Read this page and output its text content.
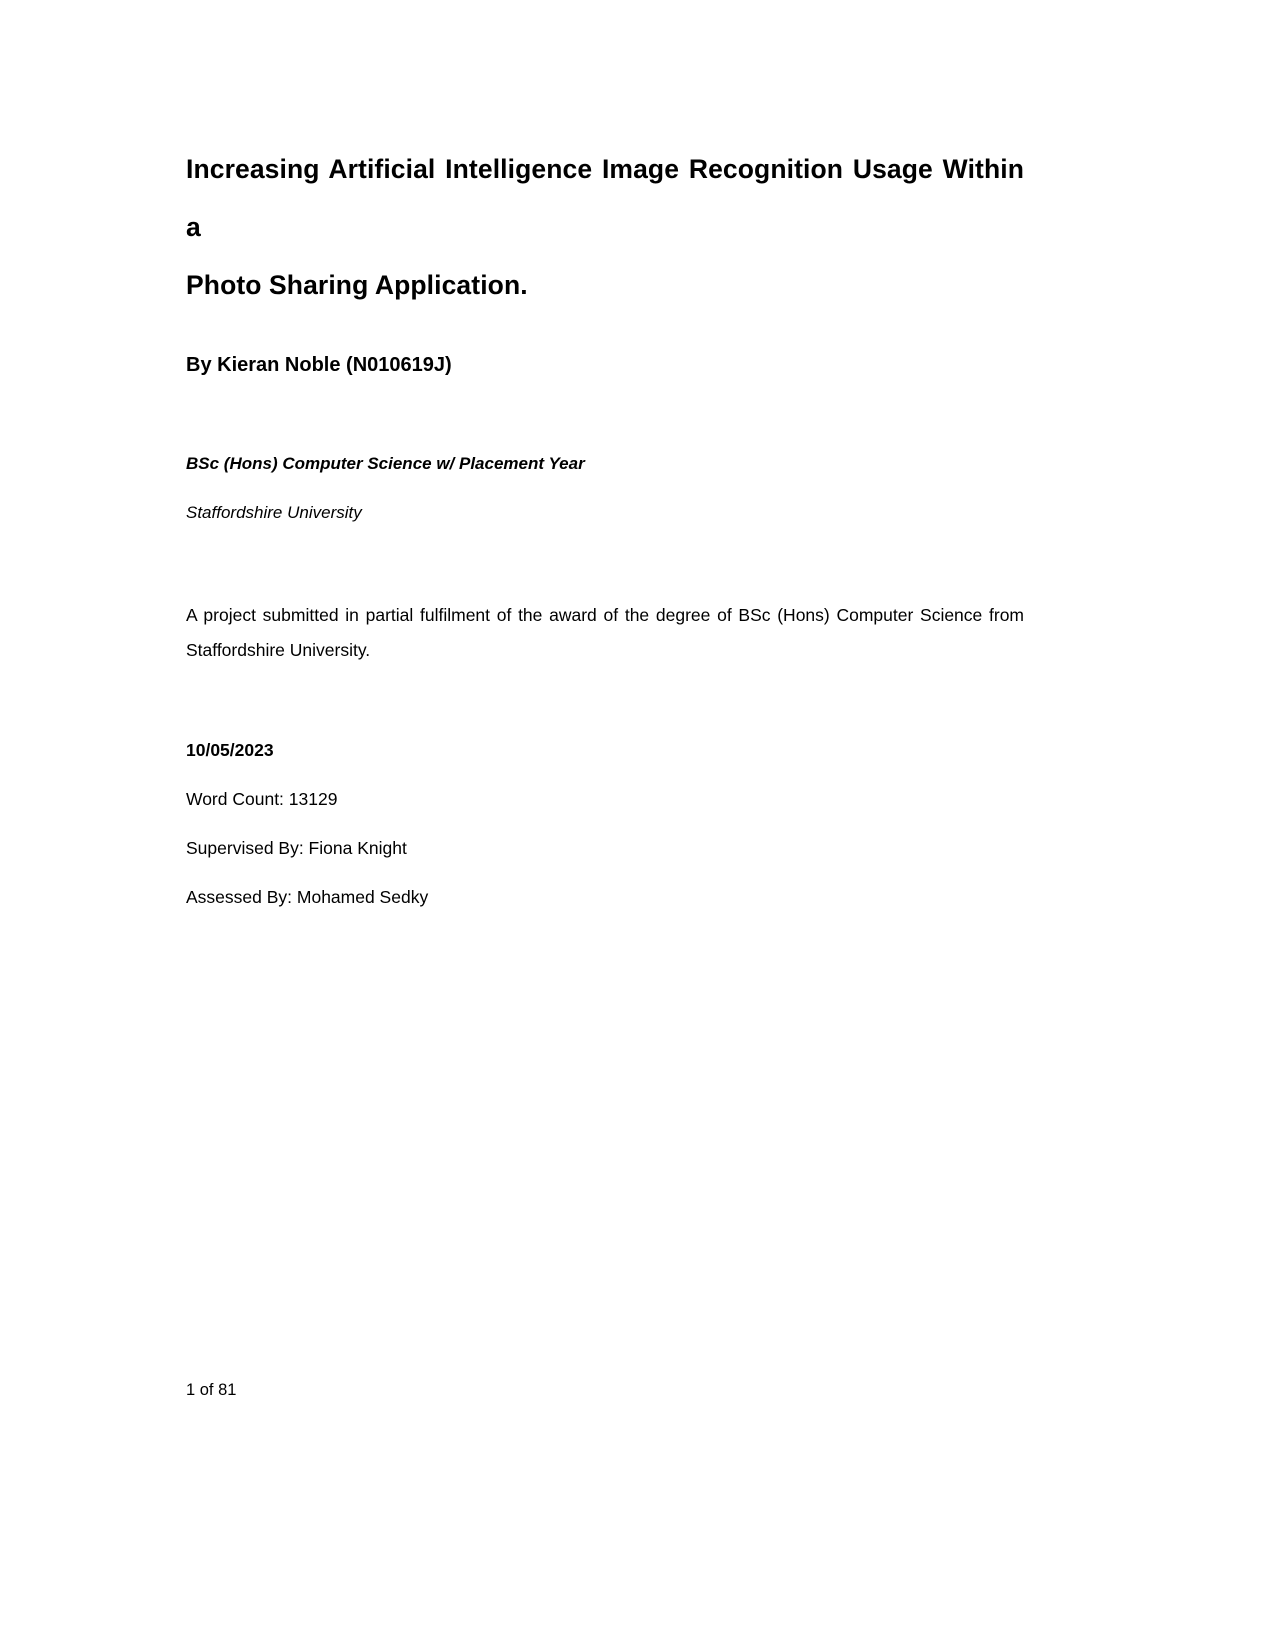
Increasing Artificial Intelligence Image Recognition Usage Within a
Photo Sharing Application.

By Kieran Noble (N010619J)

BSc (Hons) Computer Science w/ Placement Year

Staffordshire University

A project submitted in partial fulfilment of the award of the degree of BSc (Hons) Computer Science from Staffordshire University.

10/05/2023

Word Count: 13129

Supervised By: Fiona Knight

Assessed By: Mohamed Sedky

1 of 81
